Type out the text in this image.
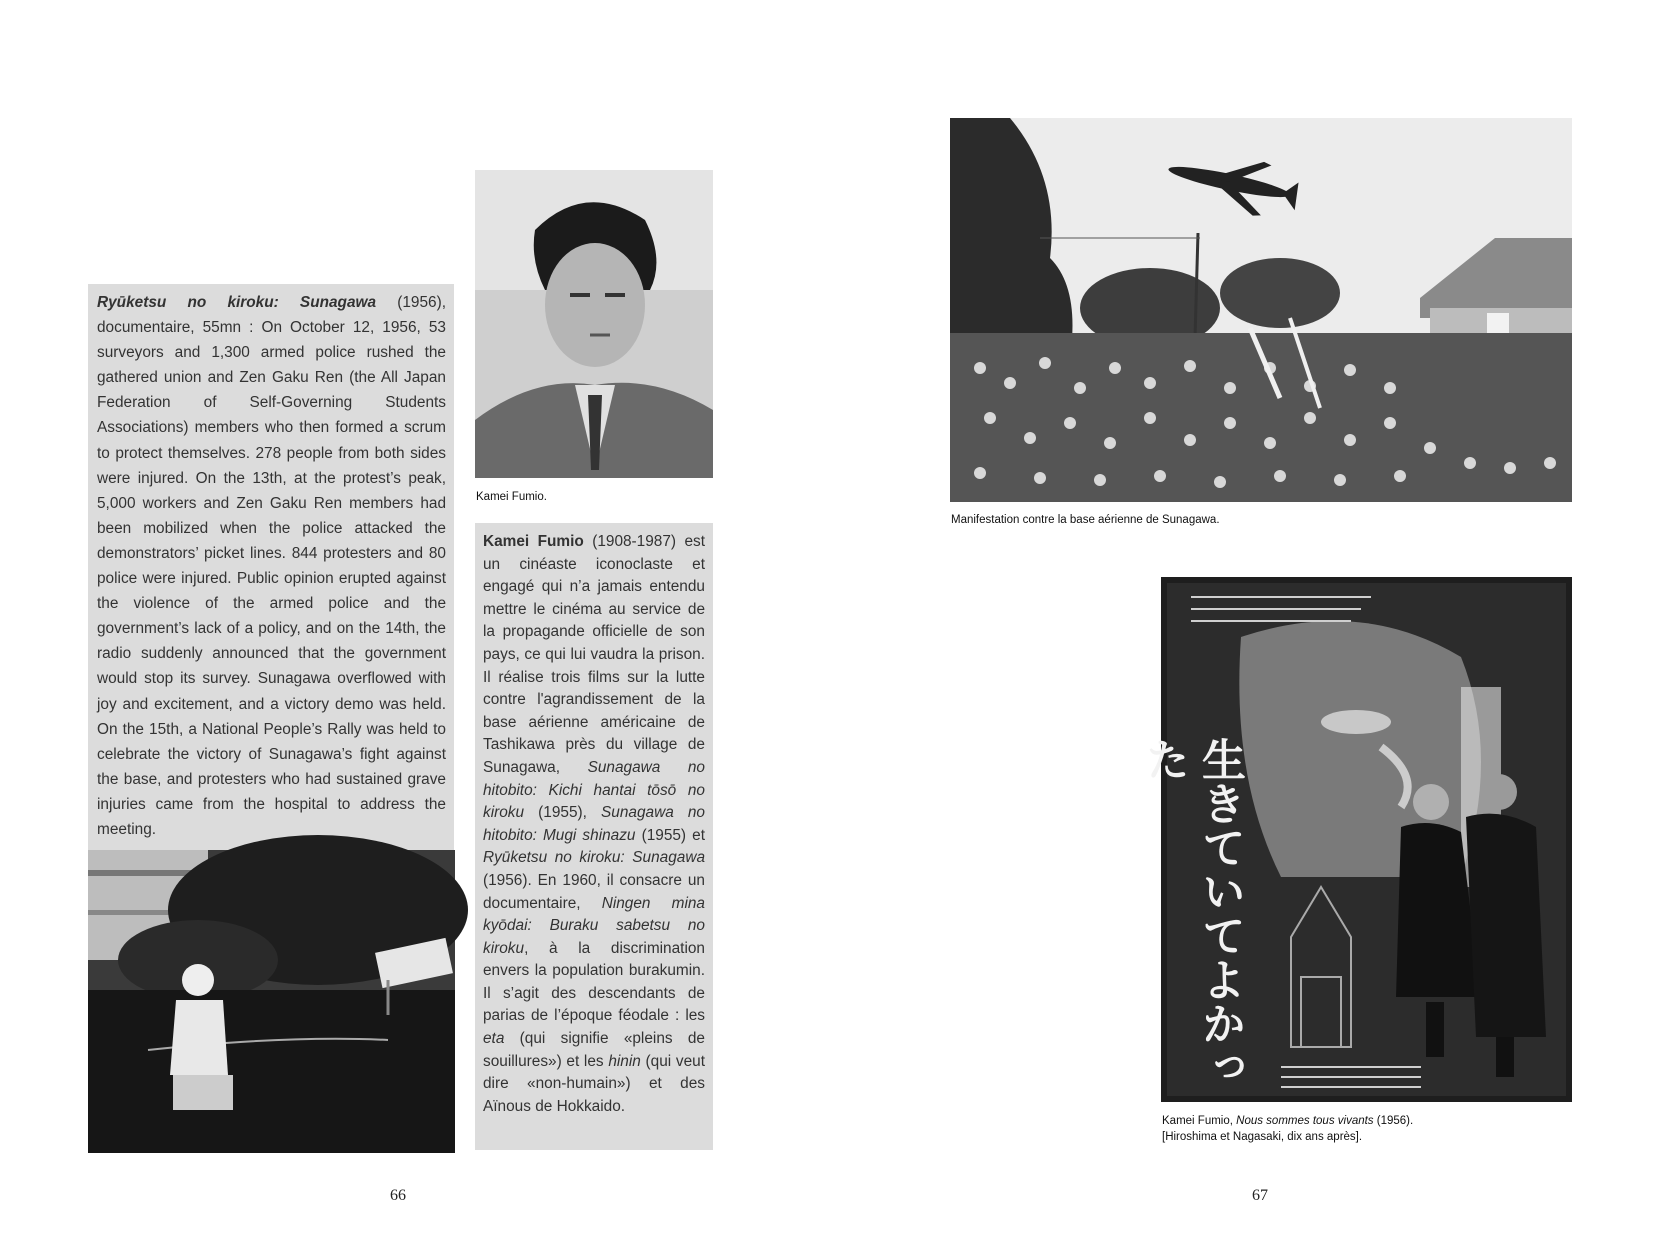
Ryūketsu no kiroku: Sunagawa (1956), documentaire, 55mn : On October 12, 1956, 53 surveyors and 1,300 armed police rushed the gathered union and Zen Gaku Ren (the All Japan Federation of Self-Governing Students Associations) members who then formed a scrum to protect themselves. 278 people from both sides were injured. On the 13th, at the protest’s peak, 5,000 workers and Zen Gaku Ren members had been mobilized when the police attacked the demonstrators’ picket lines. 844 protesters and 80 police were injured. Public opinion erupted against the violence of the armed police and the government’s lack of a policy, and on the 14th, the radio suddenly announced that the government would stop its survey. Sunagawa overflowed with joy and excitement, and a victory demo was held. On the 15th, a National People’s Rally was held to celebrate the victory of Sunagawa’s fight against the base, and protesters who had sustained grave injuries came from the hospital to address the meeting.

Kamei Fumio.

Kamei Fumio (1908-1987) est un cinéaste iconoclaste et engagé qui n’a jamais entendu mettre le cinéma au service de la propagande officielle de son pays, ce qui lui vaudra la prison. Il réalise trois films sur la lutte contre l'agrandissement de la base aérienne américaine de Tashikawa près du village de Sunagawa, Sunagawa no hitobito: Kichi hantai tōsō no kiroku (1955), Sunagawa no hitobito: Mugi shinazu (1955) et Ryūketsu no kiroku: Sunagawa (1956). En 1960, il consacre un documentaire, Ningen mina kyōdai: Buraku sabetsu no kiroku, à la discrimination envers la population burakumin. Il s’agit des descendants de parias de l’époque féodale : les eta (qui signifie «pleins de souillures») et les hinin (qui veut dire «non-humain») et des Aïnous de Hokkaido.

66
Manifestation contre la base aérienne de Sunagawa.
生きていてよかった
Kamei Fumio, Nous sommes tous vivants (1956).
[Hiroshima et Nagasaki, dix ans après].
67
